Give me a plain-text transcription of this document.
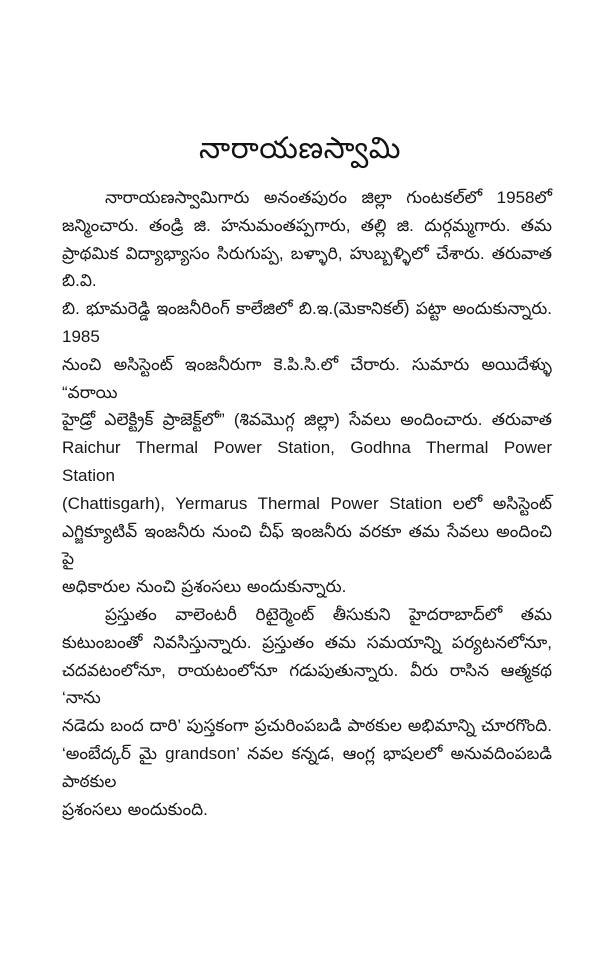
నారాయణస్వామి
నారాయణస్వామిగారు అనంతపురం జిల్లా గుంటకల్‌లో 1958లో
జన్మించారు. తండ్రి జి. హనుమంతప్పగారు, తల్లి జి. దుర్గమ్మగారు. తమ
ప్రాథమిక విద్యాభ్యాసం సిరుగుప్ప, బళ్ళారి, హుబ్బళ్ళిలో చేశారు. తరువాత బి.వి.
బి. భూమరెడ్డి ఇంజనీరింగ్ కాలేజిలో బి.ఇ.(మెకానికల్) పట్టా అందుకున్నారు. 1985
నుంచి అసిస్టెంట్ ఇంజనీరుగా కె.పి.సి.లో చేరారు. సుమారు అయిదేళ్ళు “వరాయి
హైడ్రో ఎలెక్ట్రిక్ ప్రాజెక్ట్‌లో” (శివమొగ్గ జిల్లా) సేవలు అందించారు. తరువాత
Raichur Thermal Power Station, Godhna Thermal Power Station
(Chattisgarh), Yermarus Thermal Power Station లలో అసిస్టెంట్
ఎగ్జిక్యూటివ్ ఇంజనీరు నుంచి చీఫ్ ఇంజనీరు వరకూ తమ సేవలు అందించి పై
అధికారుల నుంచి ప్రశంసలు అందుకున్నారు.
ప్రస్తుతం వాలెంటరీ రిటైర్మెంట్ తీసుకుని హైదరాబాద్‌లో తమ
కుటుంబంతో నివసిస్తున్నారు. ప్రస్తుతం తమ సమయాన్ని పర్యటనలోనూ,
చదవటంలోనూ, రాయటంలోనూ గడుపుతున్నారు. వీరు రాసిన ఆత్మకథ ‘నాను
నడెదు బంద దారి’ పుస్తకంగా ప్రచురింపబడి పాఠకుల అభిమాన్ని చూరగొంది.
‘అంబేద్కర్ మై grandson’ నవల కన్నడ, ఆంగ్ల భాషలలో అనువదింపబడి పాఠకుల
ప్రశంసలు అందుకుంది.
